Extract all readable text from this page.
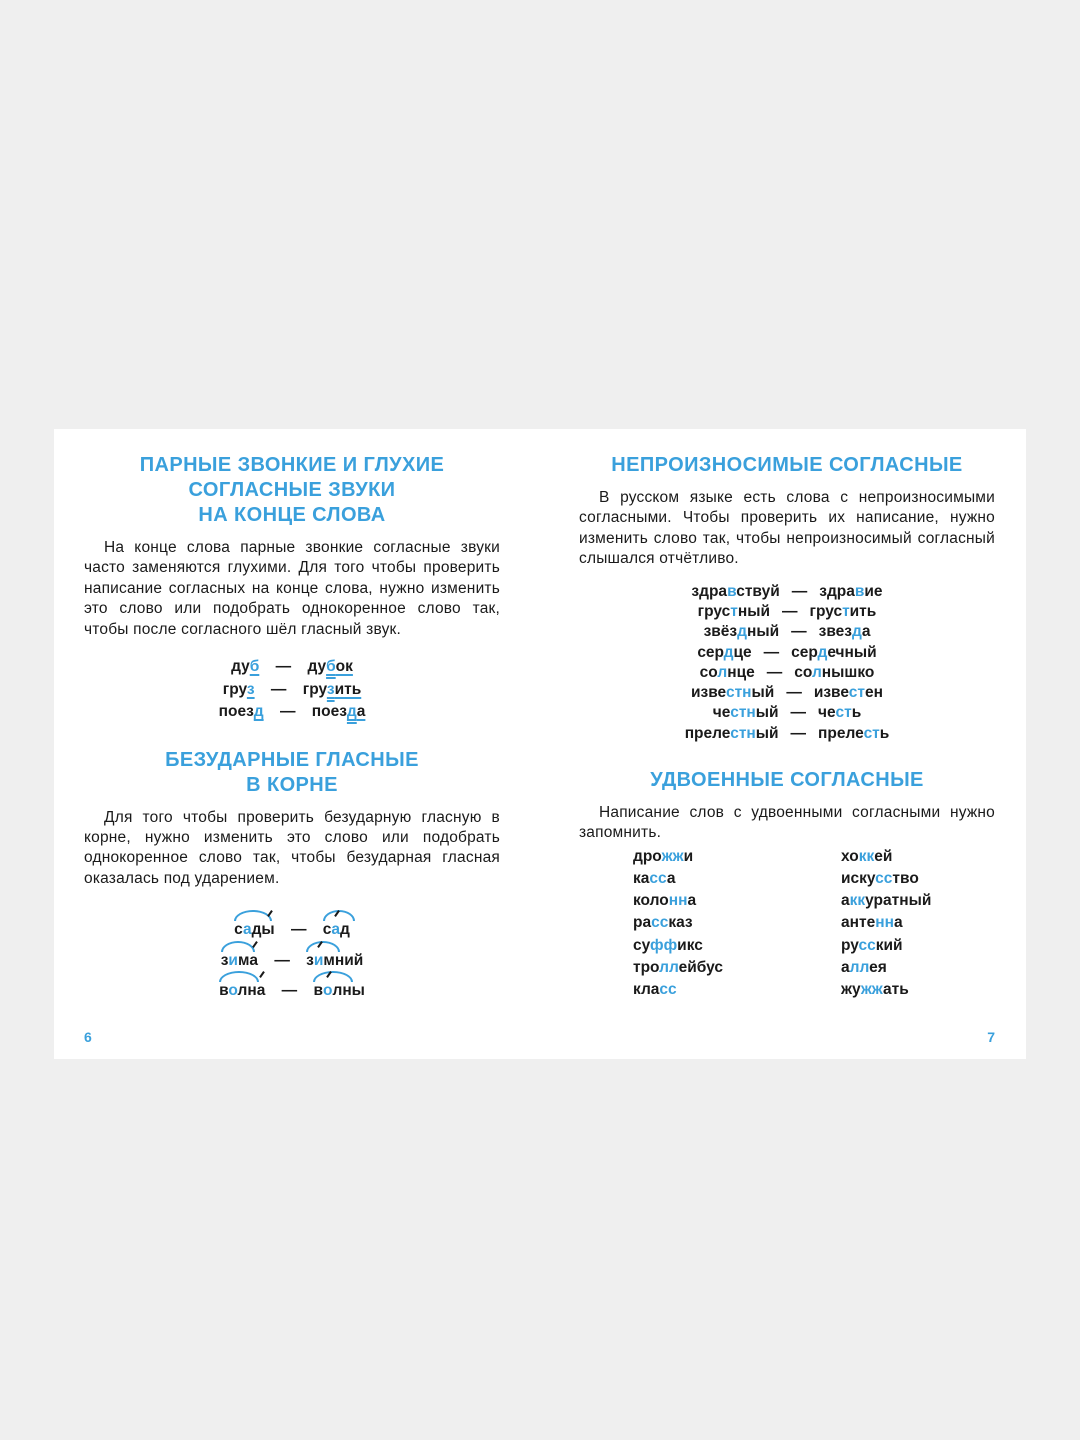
ПАРНЫЕ ЗВОНКИЕ И ГЛУХИЕ
СОГЛАСНЫЕ ЗВУКИ
НА КОНЦЕ СЛОВА

На конце слова парные звонкие согласные звуки часто заменяются глухими. Для того чтобы проверить написание согласных на конце слова, нужно изменить это слово или подобрать однокоренное слово так, чтобы после согласного шёл гласный звук.

дуб — дубок
груз — грузить
поезд — поезда
БЕЗУДАРНЫЕ ГЛАСНЫЕ
В КОРНЕ

Для того чтобы проверить безударную гласную в корне, нужно изменить это слово или подобрать однокоренное слово так, чтобы безударная гласная оказалась под ударением.

сады — сад
зима — зимний
волна — волны
6
НЕПРОИЗНОСИМЫЕ СОГЛАСНЫЕ

В русском языке есть слова с непроизносимыми согласными. Чтобы проверить их написание, нужно изменить слово так, чтобы непроизносимый согласный слышался отчётливо.

здравствуй — здравие
грустный — грустить
звёздный — звезда
сердце — сердечный
солнце — солнышко
известный — известен
честный — честь
прелестный — прелесть
УДВОЕННЫЕ СОГЛАСНЫЕ

Написание слов с удвоенными согласными нужно запомнить.

дрожжи	хоккей
касса	искусство
колонна	аккуратный
рассказ	антенна
суффикс	русский
троллейбус	аллея
класс	жужжать
7
